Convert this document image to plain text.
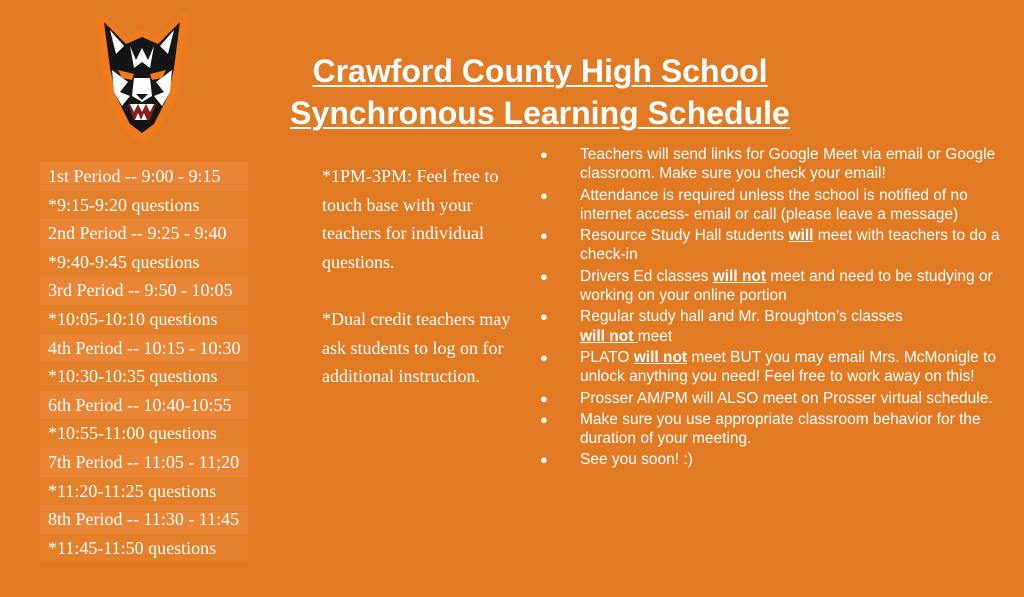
Crawford County High School
Synchronous Learning Schedule
1st Period -- 9:00 - 9:15
*9:15-9:20 questions
2nd Period -- 9:25 - 9:40
*9:40-9:45 questions
3rd Period -- 9:50 - 10:05
*10:05-10:10 questions
4th Period -- 10:15 - 10:30
*10:30-10:35 questions
6th Period -- 10:40-10:55
*10:55-11:00 questions
7th Period -- 11:05 - 11;20
*11:20-11:25 questions
8th Period -- 11:30 - 11:45
*11:45-11:50 questions

*1PM-3PM: Feel free to touch base with your teachers for individual questions.

*Dual credit teachers may ask students to log on for additional instruction.

● Teachers will send links for Google Meet via email or Google classroom. Make sure you check your email!
● Attendance is required unless the school is notified of no internet access- email or call (please leave a message)
● Resource Study Hall students will meet with teachers to do a check-in
● Drivers Ed classes will not meet and need to be studying or working on your online portion
● Regular study hall and Mr. Broughton’s classes
will not meet
● PLATO will not meet BUT you may email Mrs. McMonigle to unlock anything you need! Feel free to work away on this!
● Prosser AM/PM will ALSO meet on Prosser virtual schedule.
● Make sure you use appropriate classroom behavior for the duration of your meeting.
● See you soon! :)
